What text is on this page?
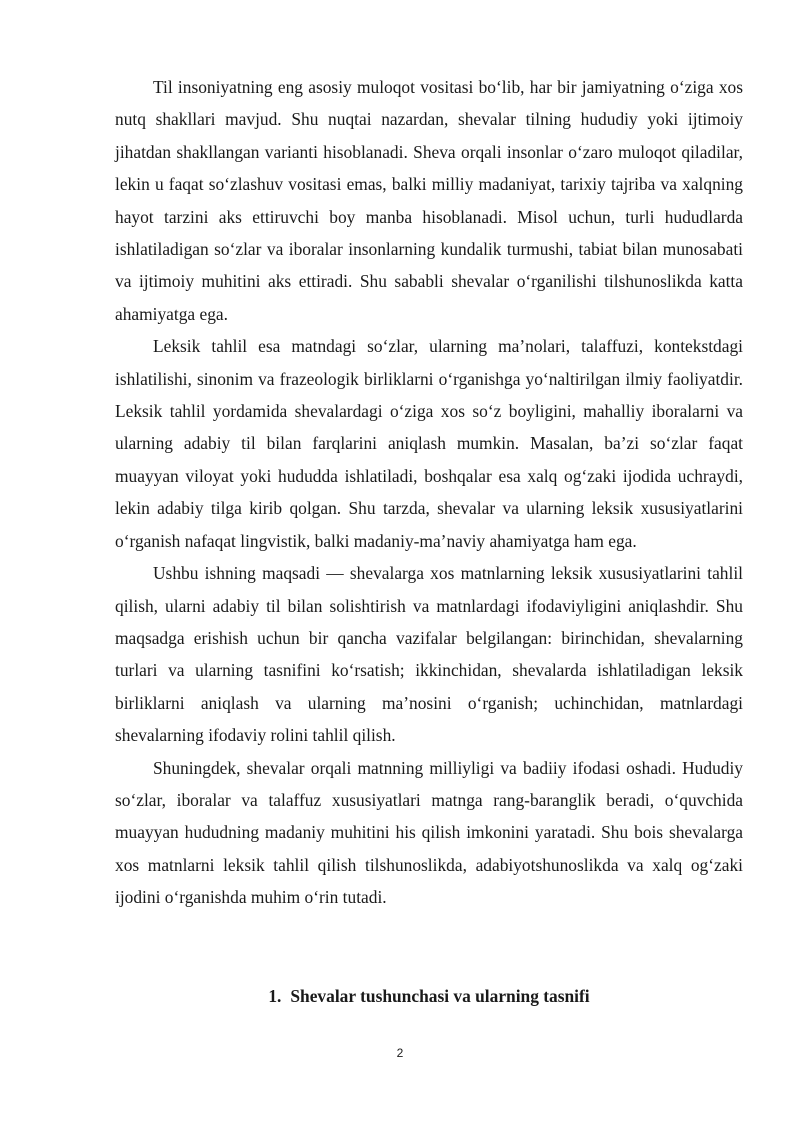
Til insoniyatning eng asosiy muloqot vositasi bo‘lib, har bir jamiyatning o‘ziga xos nutq shakllari mavjud. Shu nuqtai nazardan, shevalar tilning hududiy yoki ijtimoiy jihatdan shakllangan varianti hisoblanadi. Sheva orqali insonlar o‘zaro muloqot qiladilar, lekin u faqat so‘zlashuv vositasi emas, balki milliy madaniyat, tarixiy tajriba va xalqning hayot tarzini aks ettiruvchi boy manba hisoblanadi. Misol uchun, turli hududlarda ishlatiladigan so‘zlar va iboralar insonlarning kundalik turmushi, tabiat bilan munosabati va ijtimoiy muhitini aks ettiradi. Shu sababli shevalar o‘rganilishi tilshunoslikda katta ahamiyatga ega.

Leksik tahlil esa matndagi so‘zlar, ularning ma’nolari, talaffuzi, kontekstdagi ishlatilishi, sinonim va frazeologik birliklarni o‘rganishga yo‘naltirilgan ilmiy faoliyatdir. Leksik tahlil yordamida shevalardagi o‘ziga xos so‘z boyligini, mahalliy iboralarni va ularning adabiy til bilan farqlarini aniqlash mumkin. Masalan, ba’zi so‘zlar faqat muayyan viloyat yoki hududda ishlatiladi, boshqalar esa xalq og‘zaki ijodida uchraydi, lekin adabiy tilga kirib qolgan. Shu tarzda, shevalar va ularning leksik xususiyatlarini o‘rganish nafaqat lingvistik, balki madaniy-ma’naviy ahamiyatga ham ega.

Ushbu ishning maqsadi — shevalarga xos matnlarning leksik xususiyatlarini tahlil qilish, ularni adabiy til bilan solishtirish va matnlardagi ifodaviyligini aniqlashdir. Shu maqsadga erishish uchun bir qancha vazifalar belgilangan: birinchidan, shevalarning turlari va ularning tasnifini ko‘rsatish; ikkinchidan, shevalarda ishlatiladigan leksik birliklarni aniqlash va ularning ma’nosini o‘rganish; uchinchidan, matnlardagi shevalarning ifodaviy rolini tahlil qilish.

Shuningdek, shevalar orqali matnning milliyligi va badiiy ifodasi oshadi. Hududiy so‘zlar, iboralar va talaffuz xususiyatlari matnga rang-baranglik beradi, o‘quvchida muayyan hududning madaniy muhitini his qilish imkonini yaratadi. Shu bois shevalarga xos matnlarni leksik tahlil qilish tilshunoslikda, adabiyotshunoslikda va xalq og‘zaki ijodini o‘rganishda muhim o‘rin tutadi.

1. Shevalar tushunchasi va ularning tasnifi
2
